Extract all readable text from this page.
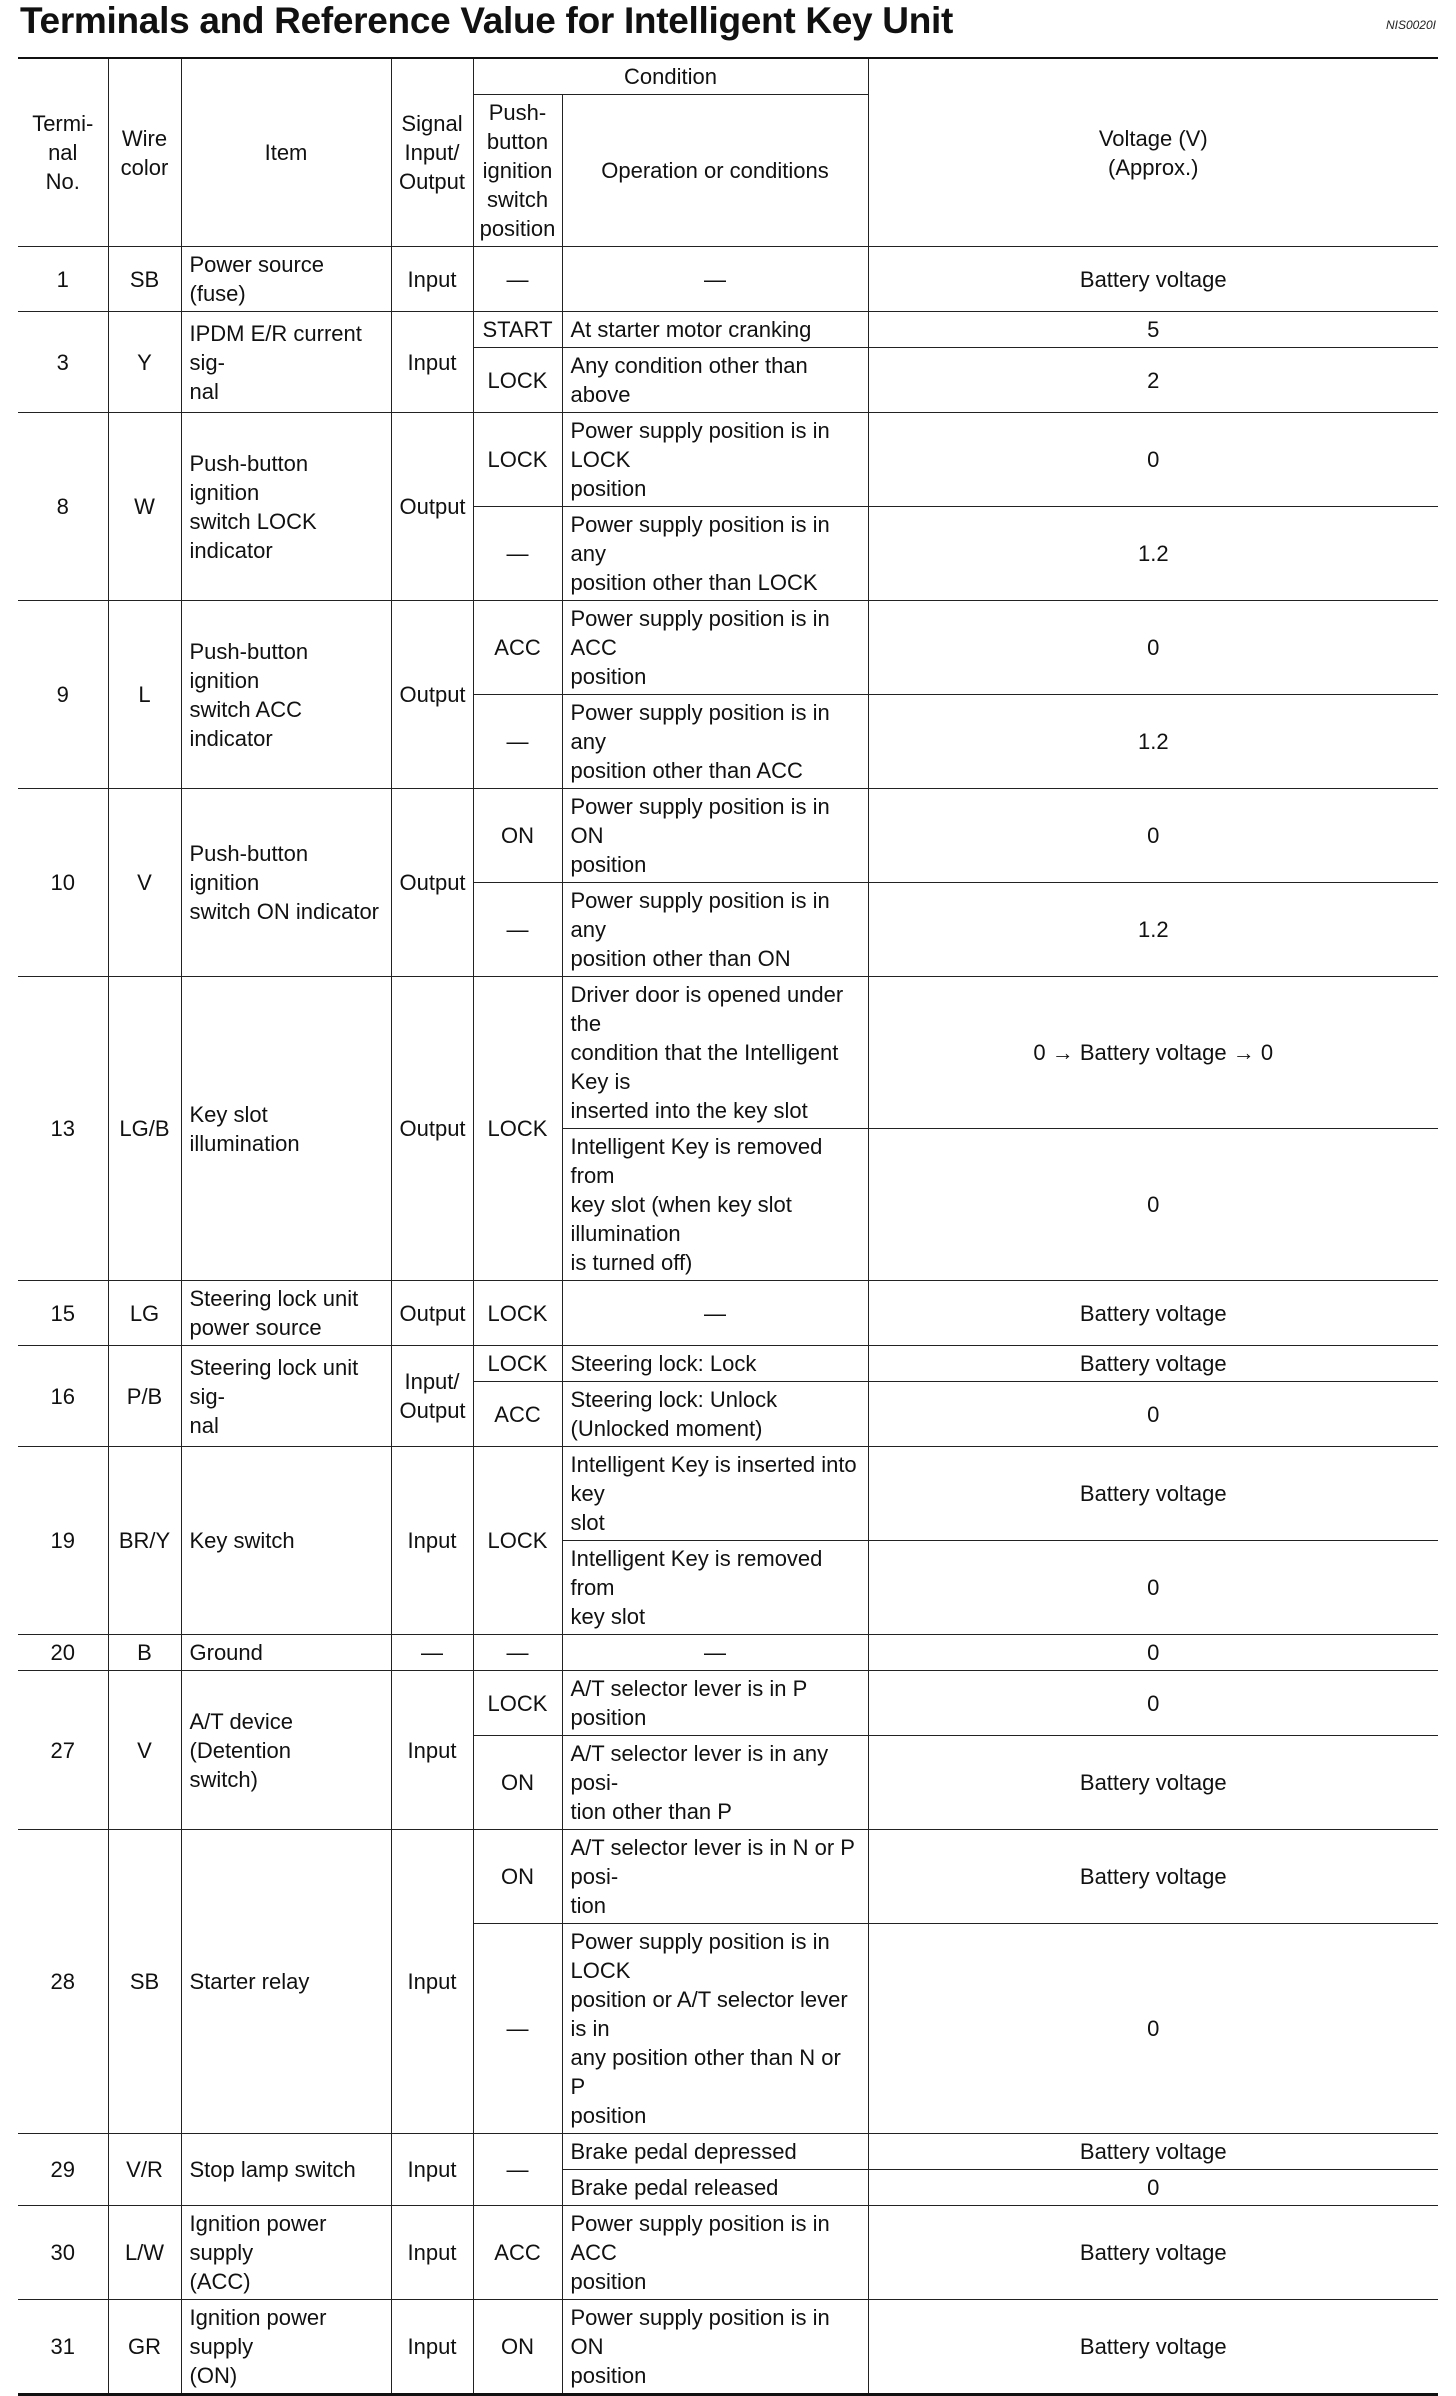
Terminals and Reference Value for Intelligent Key Unit	NIS0020I
Termi-
nal
No.	Wire
color	Item	Signal
Input/
Output	Condition		Voltage (V)
(Approx.)
				Push-
button
ignition
switch
position	Operation or conditions	
1	SB	Power source (fuse)	Input	—	—	Battery voltage
3	Y	IPDM E/R current sig-
nal	Input	START	At starter motor cranking	5
				LOCK	Any condition other than above	2
8	W	Push-button ignition
switch LOCK indicator	Output	LOCK	Power supply position is in LOCK
position	0
				—	Power supply position is in any
position other than LOCK	1.2
9	L	Push-button ignition
switch ACC indicator	Output	ACC	Power supply position is in ACC
position	0
				—	Power supply position is in any
position other than ACC	1.2
10	V	Push-button ignition
switch ON indicator	Output	ON	Power supply position is in ON
position	0
				—	Power supply position is in any
position other than ON	1.2
13	LG/B	Key slot illumination	Output	LOCK	Driver door is opened under the
condition that the Intelligent Key is
inserted into the key slot	0 → Battery voltage → 0
					Intelligent Key is removed from
key slot (when key slot illumination
is turned off)	0
15	LG	Steering lock unit
power source	Output	LOCK	—	Battery voltage
16	P/B	Steering lock unit sig-
nal	Input/
Output	LOCK	Steering lock: Lock	Battery voltage
				ACC	Steering lock: Unlock
(Unlocked moment)	0
19	BR/Y	Key switch	Input	LOCK	Intelligent Key is inserted into key
slot	Battery voltage
					Intelligent Key is removed from
key slot	0
20	B	Ground	—	—	—	0
27	V	A/T device (Detention
switch)	Input	LOCK	A/T selector lever is in P position	0
				ON	A/T selector lever is in any posi-
tion other than P	Battery voltage
28	SB	Starter relay	Input	ON	A/T selector lever is in N or P posi-
tion	Battery voltage
				—	Power supply position is in LOCK
position or A/T selector lever is in
any position other than N or P
position	0
29	V/R	Stop lamp switch	Input	—	Brake pedal depressed	Battery voltage
					Brake pedal released	0
30	L/W	Ignition power supply
(ACC)	Input	ACC	Power supply position is in ACC
position	Battery voltage
31	GR	Ignition power supply
(ON)	Input	ON	Power supply position is in ON
position	Battery voltage
